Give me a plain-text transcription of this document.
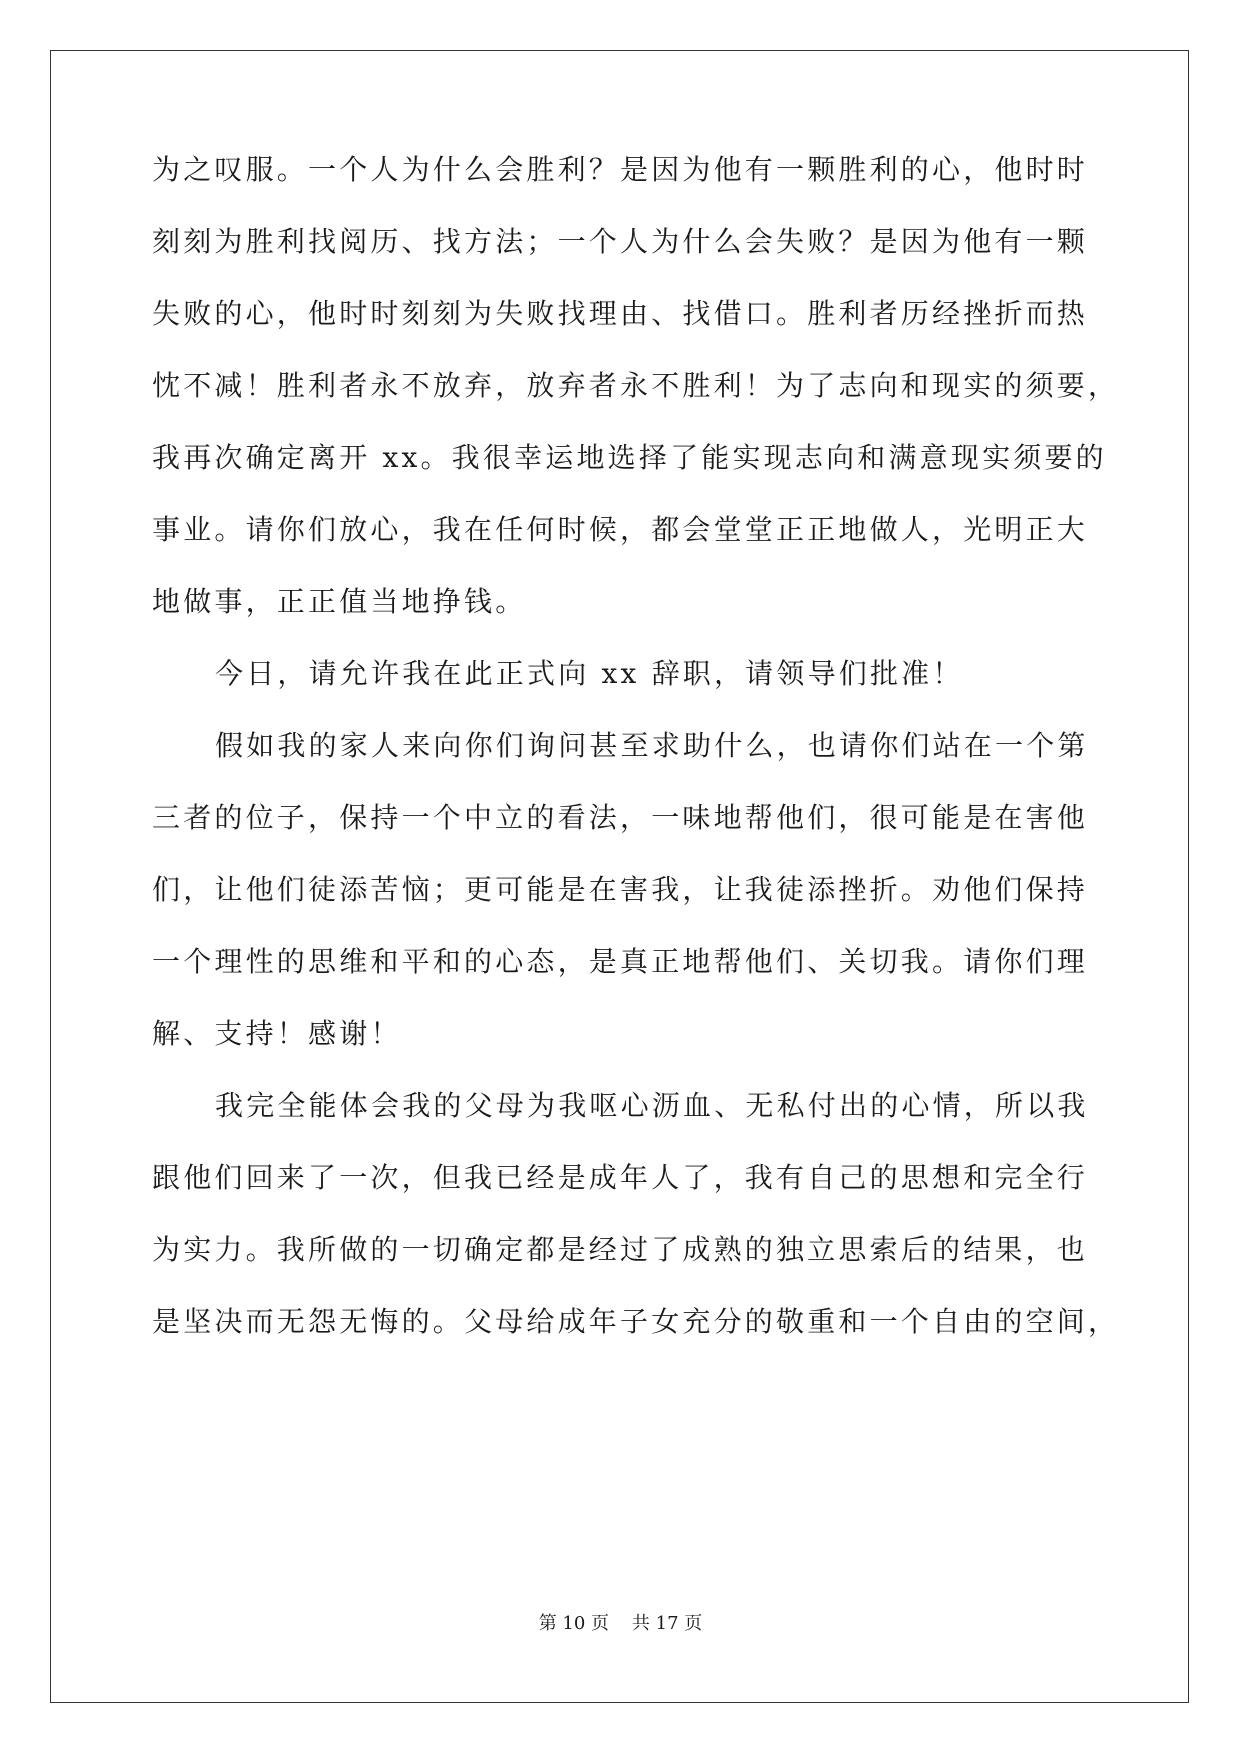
为之叹服。一个人为什么会胜利？是因为他有一颗胜利的心，他时时
刻刻为胜利找阅历、找方法；一个人为什么会失败？是因为他有一颗
失败的心，他时时刻刻为失败找理由、找借口。胜利者历经挫折而热
忱不减！胜利者永不放弃，放弃者永不胜利！为了志向和现实的须要，
我再次确定离开 xx。我很幸运地选择了能实现志向和满意现实须要的
事业。请你们放心，我在任何时候，都会堂堂正正地做人，光明正大
地做事，正正值当地挣钱。
今日，请允许我在此正式向 xx 辞职，请领导们批准！
假如我的家人来向你们询问甚至求助什么，也请你们站在一个第
三者的位子，保持一个中立的看法，一味地帮他们，很可能是在害他
们，让他们徒添苦恼；更可能是在害我，让我徒添挫折。劝他们保持
一个理性的思维和平和的心态，是真正地帮他们、关切我。请你们理
解、支持！感谢！
我完全能体会我的父母为我呕心沥血、无私付出的心情，所以我
跟他们回来了一次，但我已经是成年人了，我有自己的思想和完全行
为实力。我所做的一切确定都是经过了成熟的独立思索后的结果，也
是坚决而无怨无悔的。父母给成年子女充分的敬重和一个自由的空间，
第 10 页    共 17 页
